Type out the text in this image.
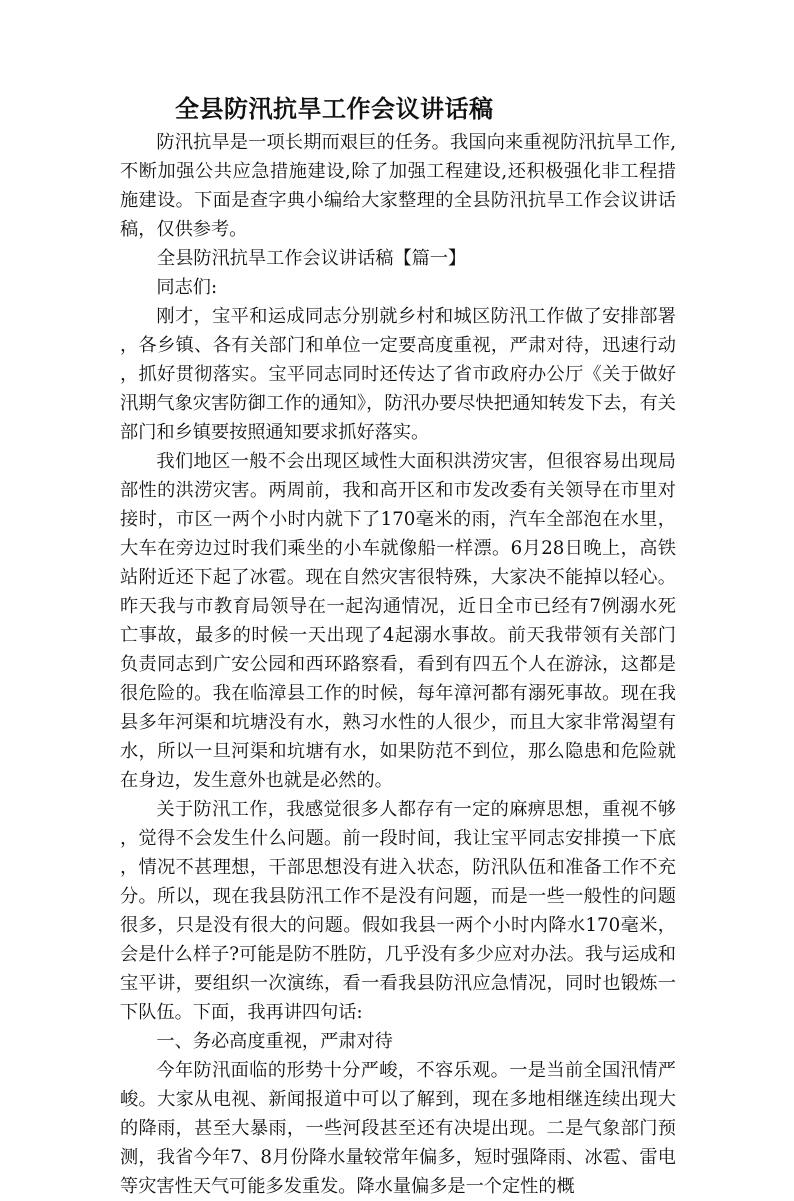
全县防汛抗旱工作会议讲话稿

防汛抗旱是一项长期而艰巨的任务。我国向来重视防汛抗旱工作,不断加强公共应急措施建设,除了加强工程建设,还积极强化非工程措施建设。下面是查字典小编给大家整理的全县防汛抗旱工作会议讲话稿，仅供参考。

全县防汛抗旱工作会议讲话稿【篇一】

同志们:

刚才，宝平和运成同志分别就乡村和城区防汛工作做了安排部署，各乡镇、各有关部门和单位一定要高度重视，严肃对待，迅速行动，抓好贯彻落实。宝平同志同时还传达了省市政府办公厅《关于做好汛期气象灾害防御工作的通知》，防汛办要尽快把通知转发下去，有关部门和乡镇要按照通知要求抓好落实。

我们地区一般不会出现区域性大面积洪涝灾害，但很容易出现局部性的洪涝灾害。两周前，我和高开区和市发改委有关领导在市里对接时，市区一两个小时内就下了170毫米的雨，汽车全部泡在水里，大车在旁边过时我们乘坐的小车就像船一样漂。6月28日晚上，高铁站附近还下起了冰雹。现在自然灾害很特殊，大家决不能掉以轻心。昨天我与市教育局领导在一起沟通情况，近日全市已经有7例溺水死亡事故，最多的时候一天出现了4起溺水事故。前天我带领有关部门负责同志到广安公园和西环路察看，看到有四五个人在游泳，这都是很危险的。我在临漳县工作的时候，每年漳河都有溺死事故。现在我县多年河渠和坑塘没有水，熟习水性的人很少，而且大家非常渴望有水，所以一旦河渠和坑塘有水，如果防范不到位，那么隐患和危险就在身边，发生意外也就是必然的。

关于防汛工作，我感觉很多人都存有一定的麻痹思想，重视不够，觉得不会发生什么问题。前一段时间，我让宝平同志安排摸一下底，情况不甚理想，干部思想没有进入状态，防汛队伍和准备工作不充分。所以，现在我县防汛工作不是没有问题，而是一些一般性的问题很多，只是没有很大的问题。假如我县一两个小时内降水170毫米，会是什么样子?可能是防不胜防，几乎没有多少应对办法。我与运成和宝平讲，要组织一次演练，看一看我县防汛应急情况，同时也锻炼一下队伍。下面，我再讲四句话:

一、务必高度重视，严肃对待

今年防汛面临的形势十分严峻，不容乐观。一是当前全国汛情严峻。大家从电视、新闻报道中可以了解到，现在多地相继连续出现大的降雨，甚至大暴雨，一些河段甚至还有决堤出现。二是气象部门预测，我省今年7、8月份降水量较常年偏多，短时强降雨、冰雹、雷电等灾害性天气可能多发重发。降水量偏多是一个定性的概
